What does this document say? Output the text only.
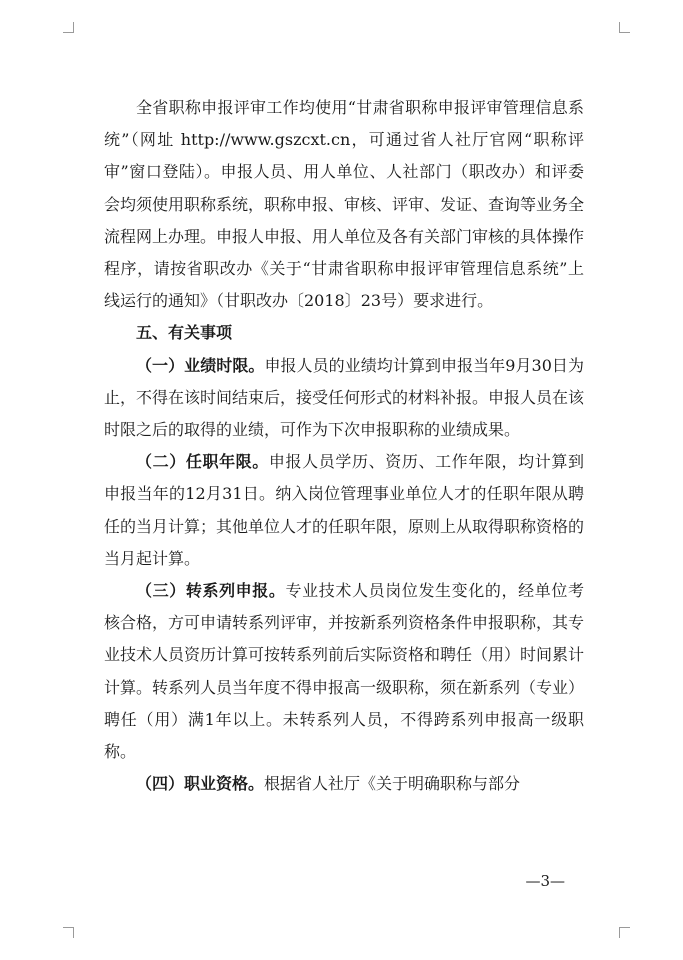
全省职称申报评审工作均使用“甘肃省职称申报评审管理信息系统”（网址 http://www.gszcxt.cn，可通过省人社厅官网“职称评审”窗口登陆）。申报人员、用人单位、人社部门（职改办）和评委会均须使用职称系统，职称申报、审核、评审、发证、查询等业务全流程网上办理。申报人申报、用人单位及各有关部门审核的具体操作程序，请按省职改办《关于“甘肃省职称申报评审管理信息系统”上线运行的通知》（甘职改办〔2018〕23号）要求进行。

五、有关事项

（一）业绩时限。申报人员的业绩均计算到申报当年9月30日为止，不得在该时间结束后，接受任何形式的材料补报。申报人员在该时限之后的取得的业绩，可作为下次申报职称的业绩成果。

（二）任职年限。申报人员学历、资历、工作年限，均计算到申报当年的12月31日。纳入岗位管理事业单位人才的任职年限从聘任的当月计算；其他单位人才的任职年限，原则上从取得职称资格的当月起计算。

（三）转系列申报。专业技术人员岗位发生变化的，经单位考核合格，方可申请转系列评审，并按新系列资格条件申报职称，其专业技术人员资历计算可按转系列前后实际资格和聘任（用）时间累计计算。转系列人员当年度不得申报高一级职称，须在新系列（专业）聘任（用）满1年以上。未转系列人员，不得跨系列申报高一级职称。

（四）职业资格。根据省人社厅《关于明确职称与部分

—3—
